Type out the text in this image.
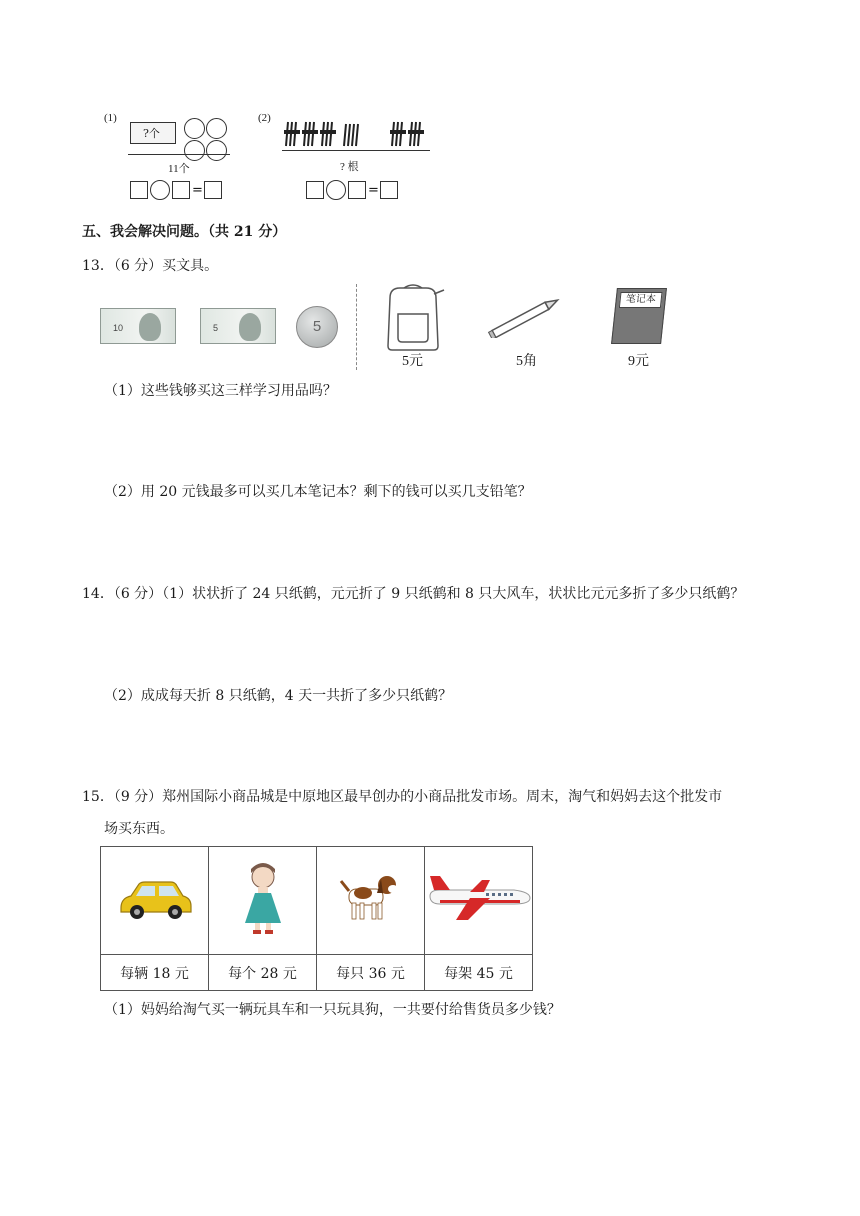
(1)	(2)
?个
11个	? 根
=	=
五、我会解决问题。（共 21 分）
13．（6 分）买文具。
10	5	5
笔记本
5元	5角	9元
（1）这些钱够买这三样学习用品吗？
（2）用 20 元钱最多可以买几本笔记本？剩下的钱可以买几支铅笔？
14．（6 分）（1）状状折了 24 只纸鹤，元元折了 9 只纸鹤和 8 只大风车，状状比元元多折了多少只纸鹤？
（2）成成每天折 8 只纸鹤，4 天一共折了多少只纸鹤？
15．（9 分）郑州国际小商品城是中原地区最早创办的小商品批发市场。周末，淘气和妈妈去这个批发市
场买东西。

每辆 18 元	每个 28 元	每只 36 元	每架 45 元
（1）妈妈给淘气买一辆玩具车和一只玩具狗，一共要付给售货员多少钱？
